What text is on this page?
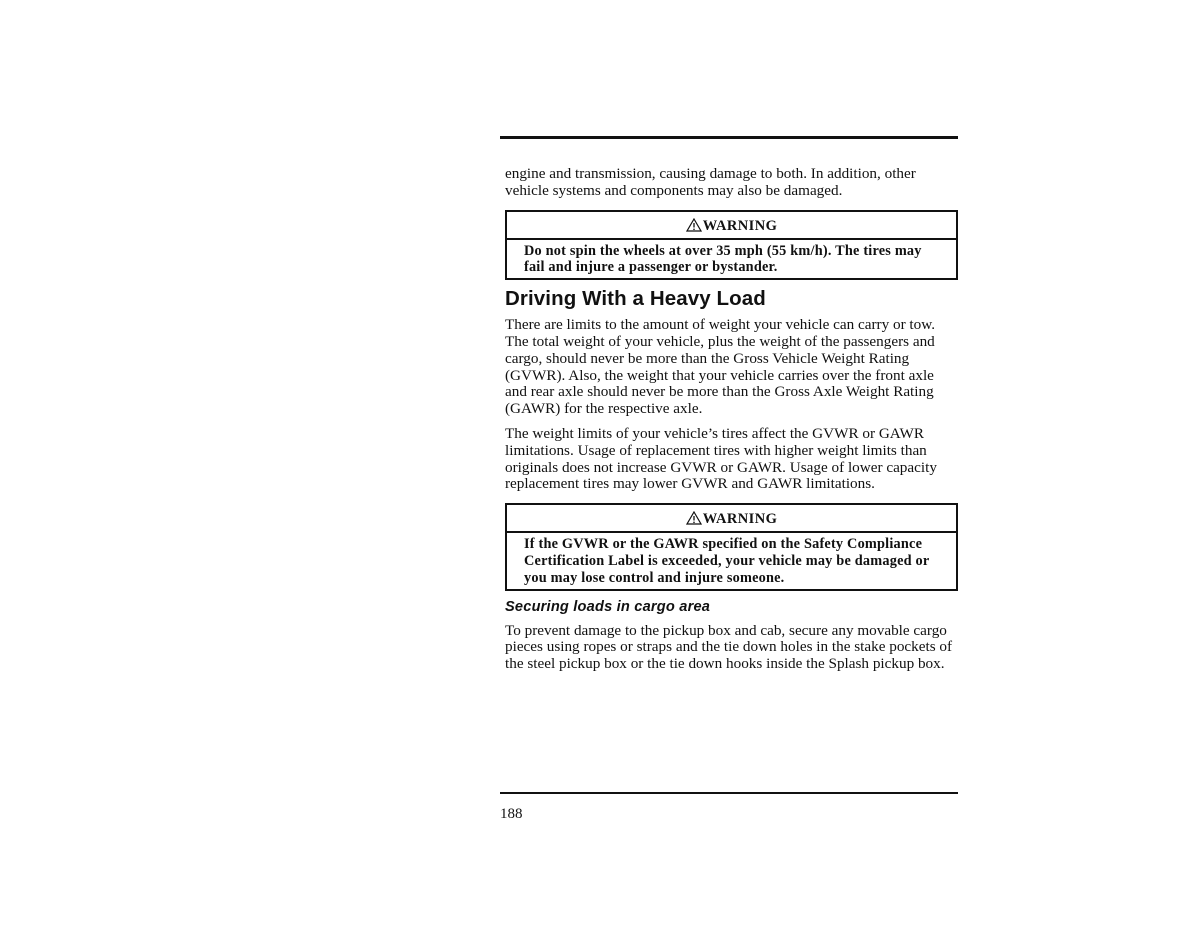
engine and transmission, causing damage to both. In addition, other vehicle systems and components may also be damaged.

WARNING
Do not spin the wheels at over 35 mph (55 km/h). The tires may fail and injure a passenger or bystander.
Driving With a Heavy Load

There are limits to the amount of weight your vehicle can carry or tow. The total weight of your vehicle, plus the weight of the passengers and cargo, should never be more than the Gross Vehicle Weight Rating (GVWR). Also, the weight that your vehicle carries over the front axle and rear axle should never be more than the Gross Axle Weight Rating (GAWR) for the respective axle.

The weight limits of your vehicle’s tires affect the GVWR or GAWR limitations. Usage of replacement tires with higher weight limits than originals does not increase GVWR or GAWR. Usage of lower capacity replacement tires may lower GVWR and GAWR limitations.

WARNING
If the GVWR or the GAWR specified on the Safety Compliance Certification Label is exceeded, your vehicle may be damaged or you may lose control and injure someone.
Securing loads in cargo area

To prevent damage to the pickup box and cab, secure any movable cargo pieces using ropes or straps and the tie down holes in the stake pockets of the steel pickup box or the tie down hooks inside the Splash pickup box.

188
